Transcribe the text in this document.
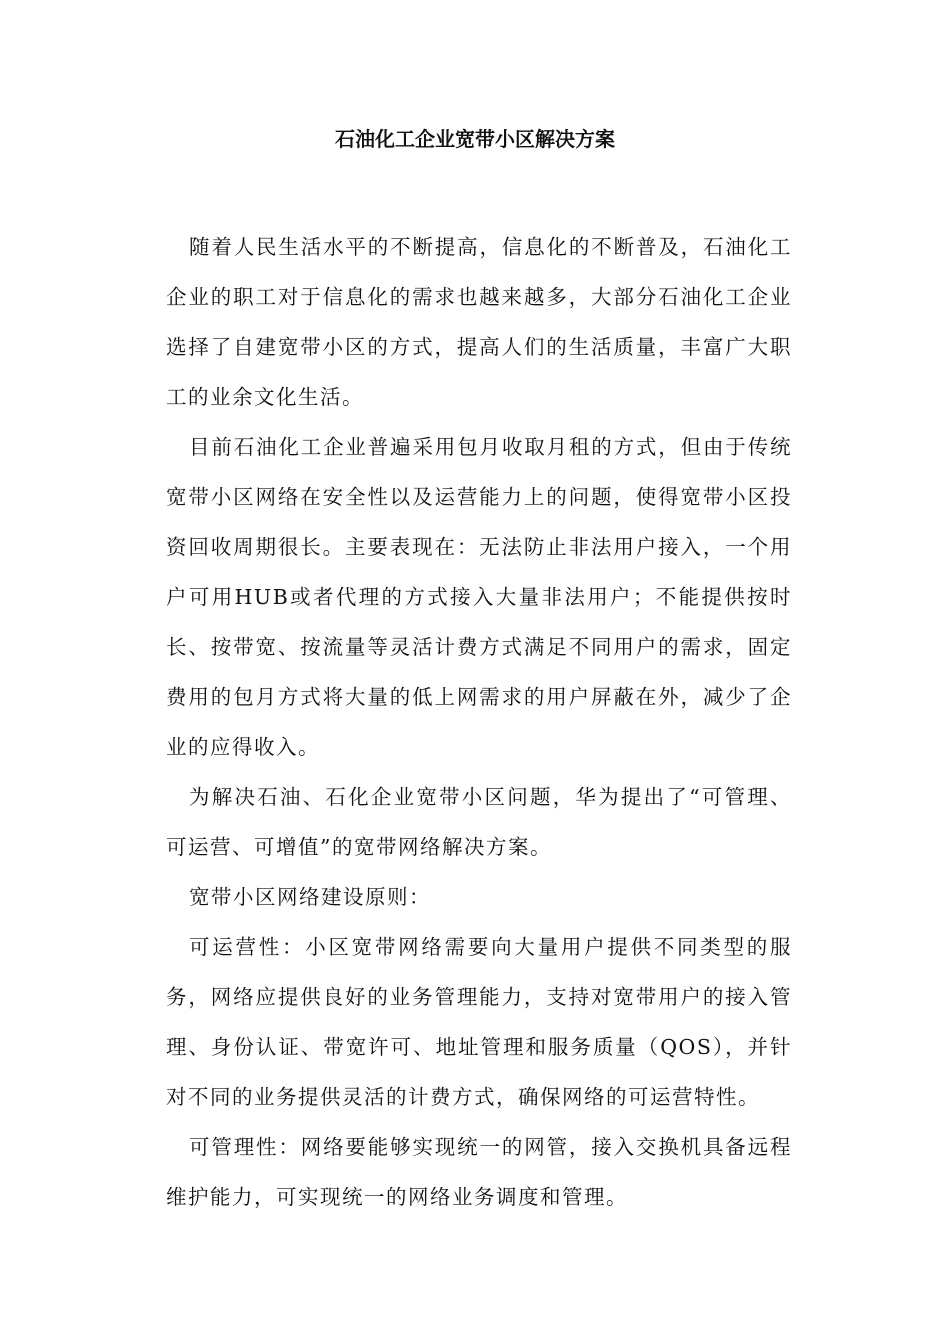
石油化工企业宽带小区解决方案

随着人民生活水平的不断提高，信息化的不断普及，石油化工企业的职工对于信息化的需求也越来越多，大部分石油化工企业选择了自建宽带小区的方式，提高人们的生活质量，丰富广大职工的业余文化生活。

目前石油化工企业普遍采用包月收取月租的方式，但由于传统宽带小区网络在安全性以及运营能力上的问题，使得宽带小区投资回收周期很长。主要表现在：无法防止非法用户接入，一个用户可用HUB或者代理的方式接入大量非法用户；不能提供按时长、按带宽、按流量等灵活计费方式满足不同用户的需求，固定费用的包月方式将大量的低上网需求的用户屏蔽在外，减少了企业的应得收入。

为解决石油、石化企业宽带小区问题，华为提出了“可管理、可运营、可增值”的宽带网络解决方案。

宽带小区网络建设原则：

可运营性：小区宽带网络需要向大量用户提供不同类型的服务，网络应提供良好的业务管理能力，支持对宽带用户的接入管理、身份认证、带宽许可、地址管理和服务质量（QOS），并针对不同的业务提供灵活的计费方式，确保网络的可运营特性。

可管理性：网络要能够实现统一的网管，接入交换机具备远程维护能力，可实现统一的网络业务调度和管理。
